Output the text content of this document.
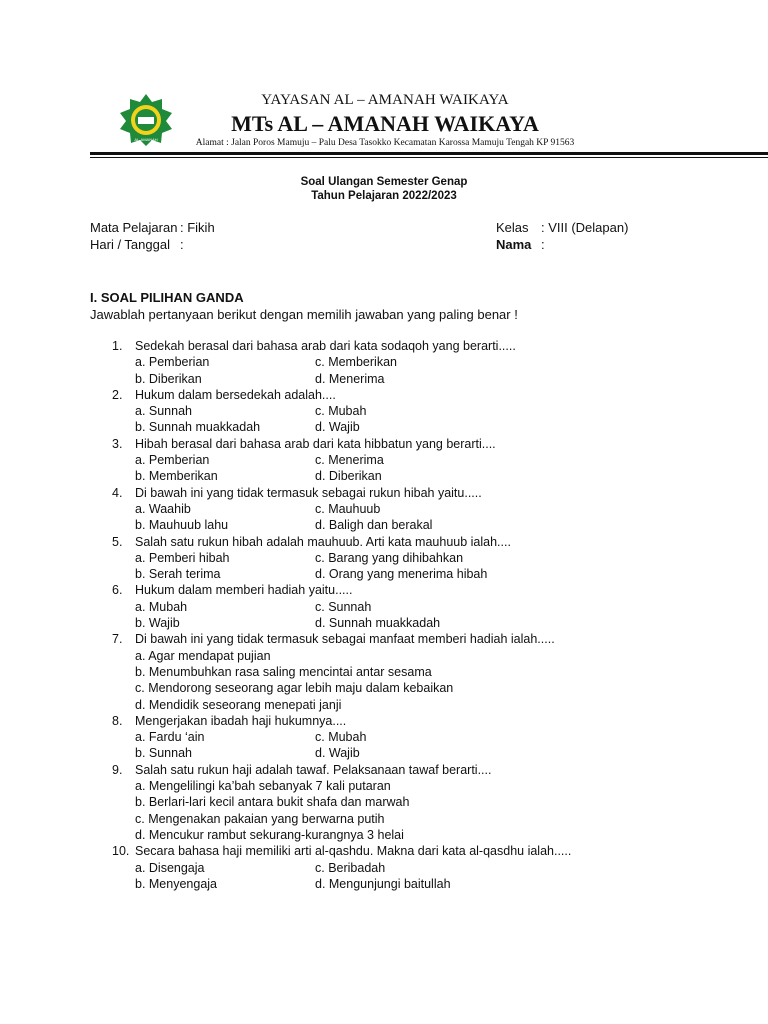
AL-AMANAH
YAYASAN AL – AMANAH WAIKAYA
MTs AL – AMANAH WAIKAYA
Alamat : Jalan Poros Mamuju – Palu Desa Tasokko Kecamatan Karossa Mamuju Tengah KP 91563
Soal Ulangan Semester Genap
Tahun Pelajaran 2022/2023
Mata Pelajaran : Fikih
Hari / Tanggal :
Kelas : VIII (Delapan)
Nama :
I. SOAL PILIHAN GANDA
Jawablah pertanyaan berikut dengan memilih jawaban yang paling benar !
1. Sedekah berasal dari bahasa arab dari kata sodaqoh yang berarti.....
a. Pemberian	c. Memberikan
b. Diberikan	d. Menerima
2. Hukum dalam bersedekah adalah....
a. Sunnah	c. Mubah
b. Sunnah muakkadah	d. Wajib
3. Hibah berasal dari bahasa arab dari kata hibbatun yang berarti....
a. Pemberian	c. Menerima
b. Memberikan	d. Diberikan
4. Di bawah ini yang tidak termasuk sebagai rukun hibah yaitu.....
a. Waahib	c. Mauhuub
b. Mauhuub lahu	d. Baligh dan berakal
5. Salah satu rukun hibah adalah mauhuub. Arti kata mauhuub ialah....
a. Pemberi hibah	c. Barang yang dihibahkan
b. Serah terima	d. Orang yang menerima hibah
6. Hukum dalam memberi hadiah yaitu.....
a. Mubah	c. Sunnah
b. Wajib	d. Sunnah muakkadah
7. Di bawah ini yang tidak termasuk sebagai manfaat memberi hadiah ialah.....
a. Agar mendapat pujian
b. Menumbuhkan rasa saling mencintai antar sesama
c. Mendorong seseorang agar lebih maju dalam kebaikan
d. Mendidik seseorang menepati janji
8. Mengerjakan ibadah haji hukumnya....
a. Fardu ‘ain	c. Mubah
b. Sunnah	d. Wajib
9. Salah satu rukun haji adalah tawaf. Pelaksanaan tawaf berarti....
a. Mengelilingi ka’bah sebanyak 7 kali putaran
b. Berlari-lari kecil antara bukit shafa dan marwah
c. Mengenakan pakaian yang berwarna putih
d. Mencukur rambut sekurang-kurangnya 3 helai
10. Secara bahasa haji memiliki arti al-qashdu. Makna dari kata al-qasdhu ialah.....
a. Disengaja	c. Beribadah
b. Menyengaja	d. Mengunjungi baitullah
